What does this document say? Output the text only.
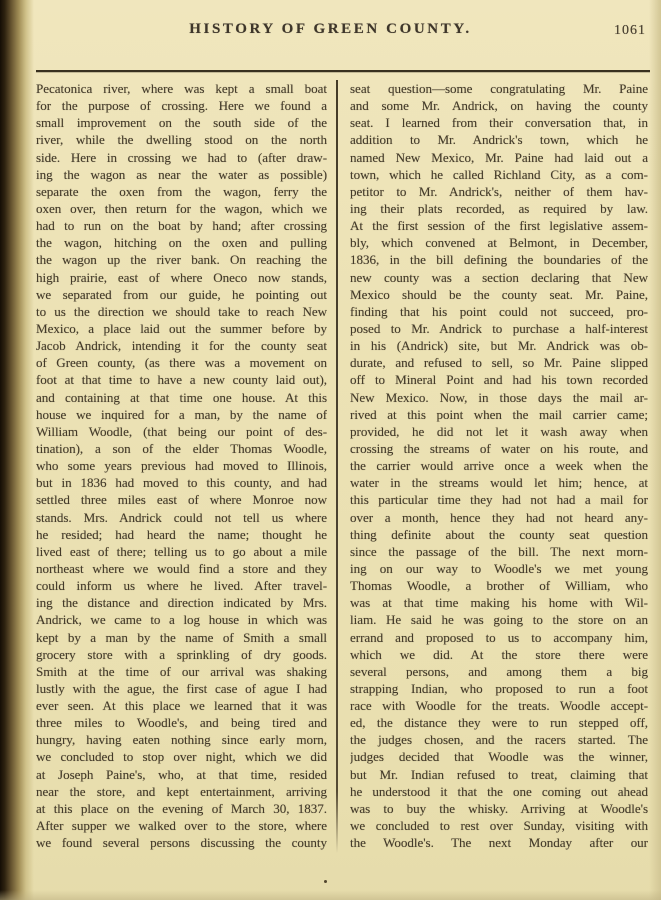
HISTORY OF GREEN COUNTY.	1061
Pecatonica river, where was kept a small boat
for the purpose of crossing. Here we found a
small improvement on the south side of the
river, while the dwelling stood on the north
side. Here in crossing we had to (after draw-
ing the wagon as near the water as possible)
separate the oxen from the wagon, ferry the
oxen over, then return for the wagon, which we
had to run on the boat by hand; after crossing
the wagon, hitching on the oxen and pulling
the wagon up the river bank. On reaching the
high prairie, east of where Oneco now stands,
we separated from our guide, he pointing out
to us the direction we should take to reach New
Mexico, a place laid out the summer before by
Jacob Andrick, intending it for the county seat
of Green county, (as there was a movement on
foot at that time to have a new county laid out),
and containing at that time one house. At this
house we inquired for a man, by the name of
William Woodle, (that being our point of des-
tination), a son of the elder Thomas Woodle,
who some years previous had moved to Illinois,
but in 1836 had moved to this county, and had
settled three miles east of where Monroe now
stands. Mrs. Andrick could not tell us where
he resided; had heard the name; thought he
lived east of there; telling us to go about a mile
northeast where we would find a store and they
could inform us where he lived. After travel-
ing the distance and direction indicated by Mrs.
Andrick, we came to a log house in which was
kept by a man by the name of Smith a small
grocery store with a sprinkling of dry goods.
Smith at the time of our arrival was shaking
lustly with the ague, the first case of ague I had
ever seen. At this place we learned that it was
three miles to Woodle's, and being tired and
hungry, having eaten nothing since early morn,
we concluded to stop over night, which we did
at Joseph Paine's, who, at that time, resided
near the store, and kept entertainment, arriving
at this place on the evening of March 30, 1837.
After supper we walked over to the store, where
we found several persons discussing the county
seat question—some congratulating Mr. Paine
and some Mr. Andrick, on having the county
seat. I learned from their conversation that, in
addition to Mr. Andrick's town, which he
named New Mexico, Mr. Paine had laid out a
town, which he called Richland City, as a com-
petitor to Mr. Andrick's, neither of them hav-
ing their plats recorded, as required by law.
At the first session of the first legislative assem-
bly, which convened at Belmont, in December,
1836, in the bill defining the boundaries of the
new county was a section declaring that New
Mexico should be the county seat. Mr. Paine,
finding that his point could not succeed, pro-
posed to Mr. Andrick to purchase a half-interest
in his (Andrick) site, but Mr. Andrick was ob-
durate, and refused to sell, so Mr. Paine slipped
off to Mineral Point and had his town recorded
New Mexico. Now, in those days the mail ar-
rived at this point when the mail carrier came;
provided, he did not let it wash away when
crossing the streams of water on his route, and
the carrier would arrive once a week when the
water in the streams would let him; hence, at
this particular time they had not had a mail for
over a month, hence they had not heard any-
thing definite about the county seat question
since the passage of the bill. The next morn-
ing on our way to Woodle's we met young
Thomas Woodle, a brother of William, who
was at that time making his home with Wil-
liam. He said he was going to the store on an
errand and proposed to us to accompany him,
which we did. At the store there were
several persons, and among them a big
strapping Indian, who proposed to run a foot
race with Woodle for the treats. Woodle accept-
ed, the distance they were to run stepped off,
the judges chosen, and the racers started. The
judges decided that Woodle was the winner,
but Mr. Indian refused to treat, claiming that
he understood it that the one coming out ahead
was to buy the whisky. Arriving at Woodle's
we concluded to rest over Sunday, visiting with
the Woodle's. The next Monday after our
